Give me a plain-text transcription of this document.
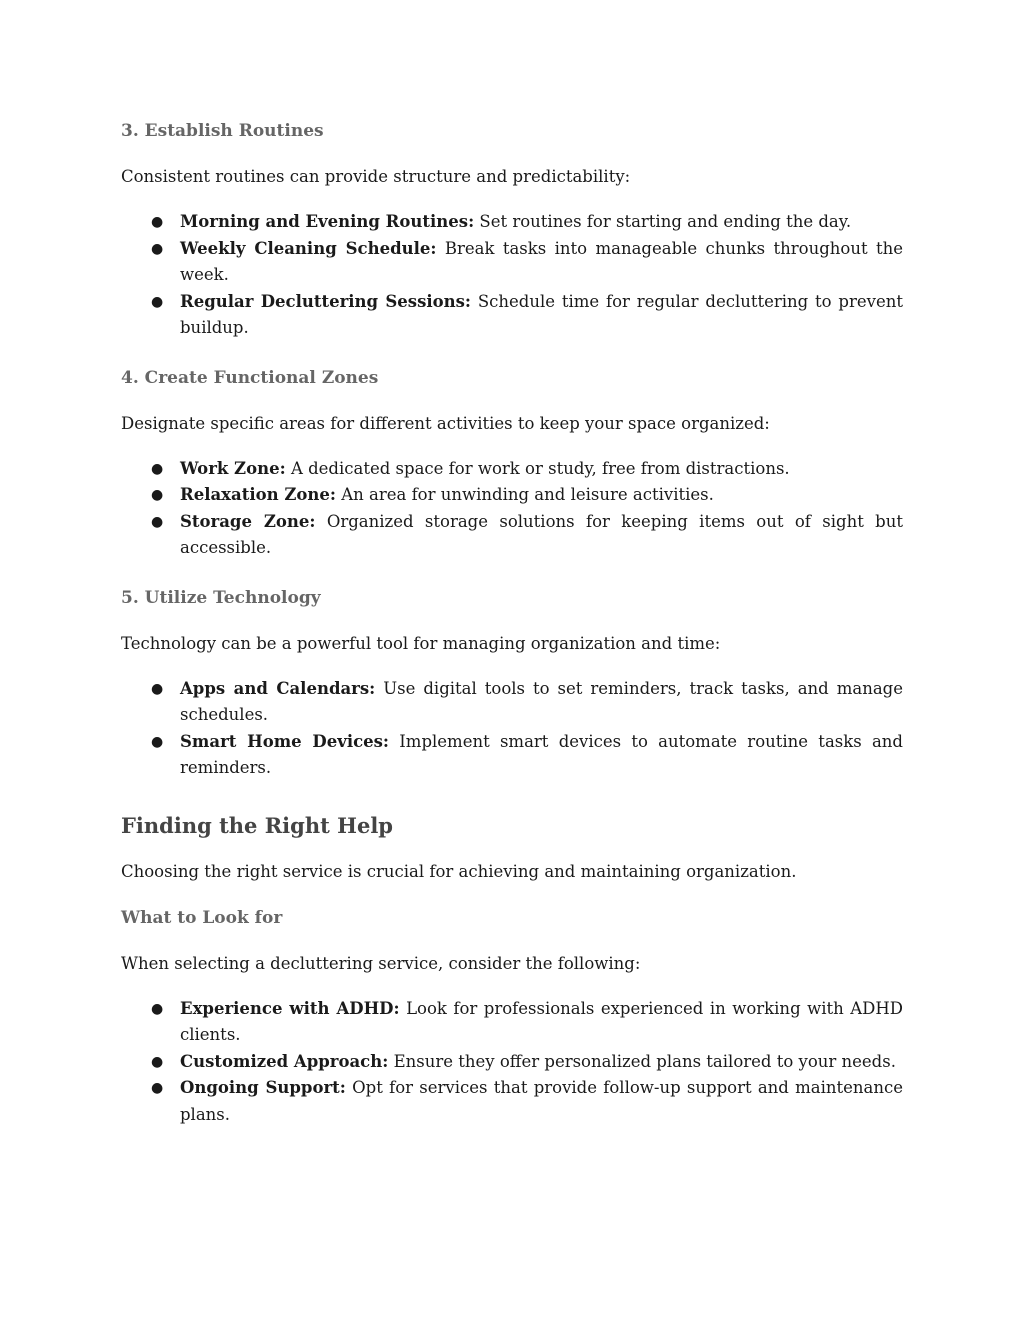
3. Establish Routines

Consistent routines can provide structure and predictability:

● Morning and Evening Routines: Set routines for starting and ending the day.
● Weekly Cleaning Schedule: Break tasks into manageable chunks throughout the week.
● Regular Decluttering Sessions: Schedule time for regular decluttering to prevent buildup.
4. Create Functional Zones

Designate specific areas for different activities to keep your space organized:

● Work Zone: A dedicated space for work or study, free from distractions.
● Relaxation Zone: An area for unwinding and leisure activities.
● Storage Zone: Organized storage solutions for keeping items out of sight but accessible.
5. Utilize Technology

Technology can be a powerful tool for managing organization and time:

● Apps and Calendars: Use digital tools to set reminders, track tasks, and manage schedules.
● Smart Home Devices: Implement smart devices to automate routine tasks and reminders.
Finding the Right Help

Choosing the right service is crucial for achieving and maintaining organization.

What to Look for

When selecting a decluttering service, consider the following:

● Experience with ADHD: Look for professionals experienced in working with ADHD clients.
● Customized Approach: Ensure they offer personalized plans tailored to your needs.
● Ongoing Support: Opt for services that provide follow-up support and maintenance plans.
